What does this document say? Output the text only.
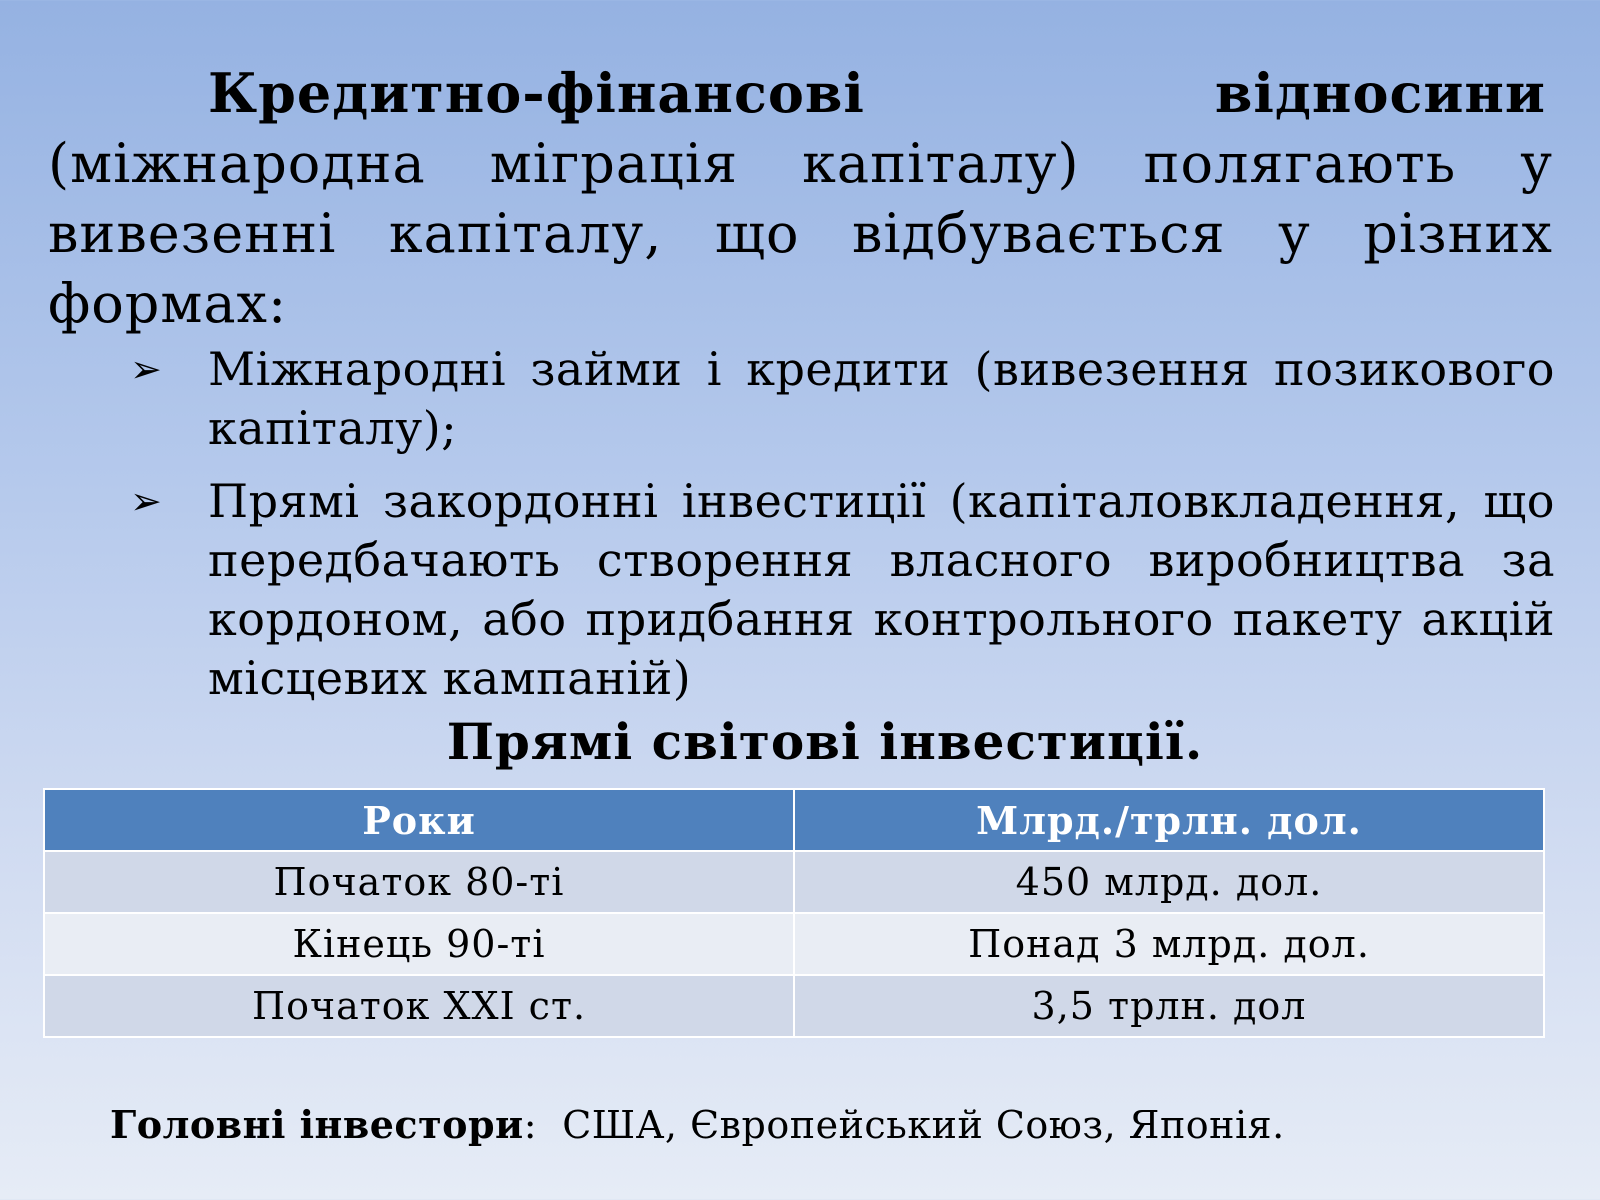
Кредитно-фінансові	відносини (міжнародна міграція капіталу) полягають у вивезенні капіталу, що відбувається у різних формах:

➢ Міжнародні займи і кредити (вивезення позикового капіталу);
➢ Прямі закордонні інвестиції (капіталовкладення, що передбачають створення власного виробництва за кордоном, або придбання контрольного пакету акцій місцевих кампаній)
Прямі світові інвестиції.
Роки	Млрд./трлн. дол.
Початок 80-ті	450 млрд. дол.
Кінець 90-ті	Понад 3 млрд. дол.
Початок XXI ст.	3,5 трлн. дол
Головні інвестори: США, Європейський Союз, Японія.
